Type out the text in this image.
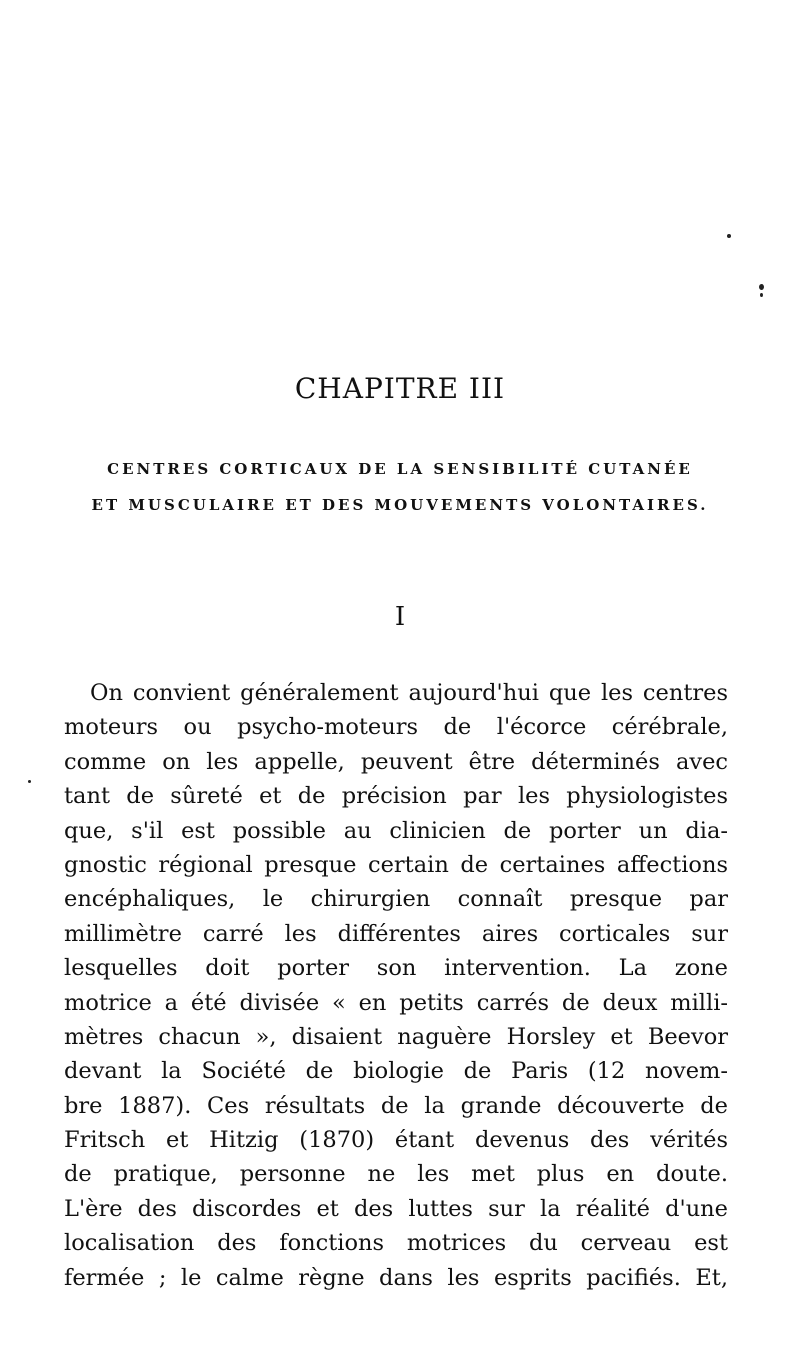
CHAPITRE III

CENTRES CORTICAUX DE LA SENSIBILITÉ CUTANÉE

ET MUSCULAIRE ET DES MOUVEMENTS VOLONTAIRES.

I

On convient généralement aujourd'hui que les centres
moteurs ou psycho-moteurs de l'écorce cérébrale,
comme on les appelle, peuvent être déterminés avec
tant de sûreté et de précision par les physiologistes
que, s'il est possible au clinicien de porter un dia-
gnostic régional presque certain de certaines affections
encéphaliques, le chirurgien connaît presque par
millimètre carré les différentes aires corticales sur
lesquelles doit porter son intervention. La zone
motrice a été divisée « en petits carrés de deux milli-
mètres chacun », disaient naguère Horsley et Beevor
devant la Société de biologie de Paris (12 novem-
bre 1887). Ces résultats de la grande découverte de
Fritsch et Hitzig (1870) étant devenus des vérités
de pratique, personne ne les met plus en doute.
L'ère des discordes et des luttes sur la réalité d'une
localisation des fonctions motrices du cerveau est
fermée ; le calme règne dans les esprits pacifiés. Et,
